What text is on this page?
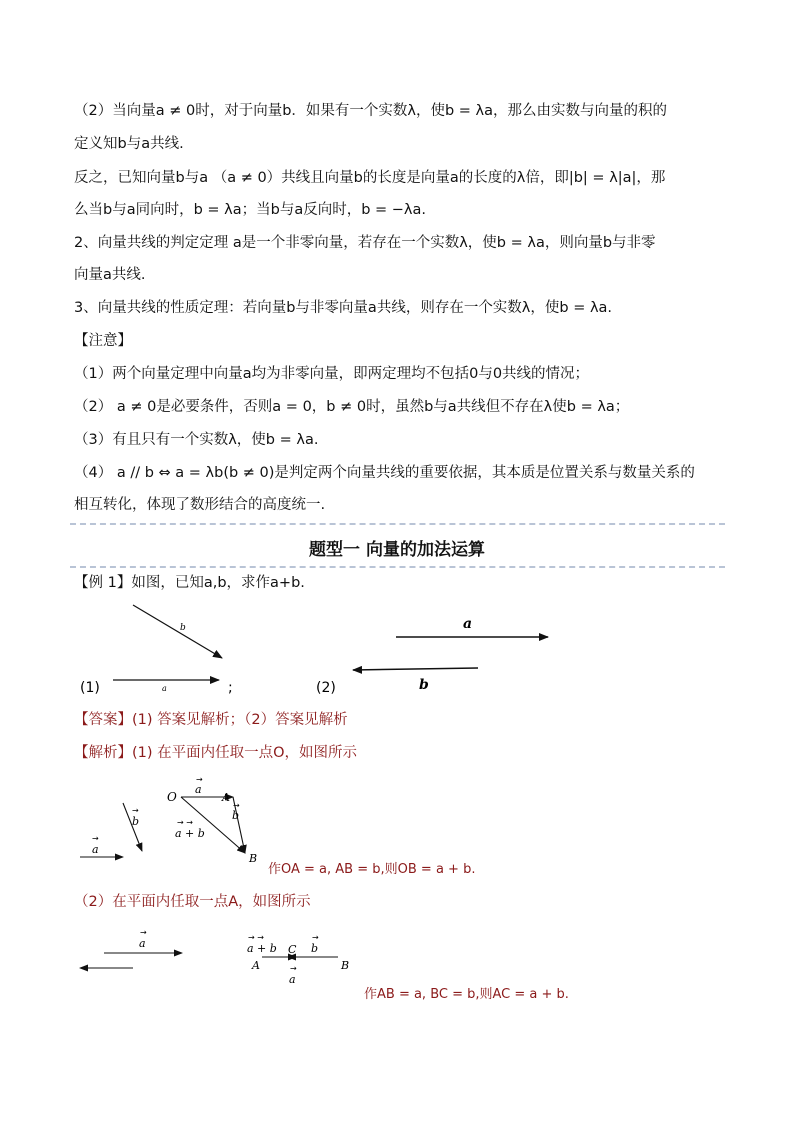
（2）当向量a ≠ 0时，对于向量b．如果有一个实数λ，使b = λa，那么由实数与向量的积的
定义知b与a共线.
反之，已知向量b与a （a ≠ 0）共线且向量b的长度是向量a的长度的λ倍，即|b| = λ|a|，那
么当b与a同向时，b = λa；当b与a反向时，b = −λa.
2、向量共线的判定定理 a是一个非零向量，若存在一个实数λ，使b = λa，则向量b与非零
向量a共线.
3、向量共线的性质定理：若向量b与非零向量a共线，则存在一个实数λ，使b = λa.
【注意】
（1）两个向量定理中向量a均为非零向量，即两定理均不包括0与0共线的情况；
（2） a ≠ 0是必要条件，否则a = 0，b ≠ 0时，虽然b与a共线但不存在λ使b = λa；
（3）有且只有一个实数λ，使b = λa.
（4） a // b ⇔ a = λb(b ≠ 0)是判定两个向量共线的重要依据，其本质是位置关系与数量关系的
相互转化，体现了数形结合的高度统一.
题型一 向量的加法运算
【例 1】如图，已知a,b，求作a+b.
b
a
(1)	;	(2)
a
b
【答案】(1) 答案见解析；（2）答案见解析
【解析】(1) 在平面内任取一点O，如图所示
b
→
a
→
O
a
→
A
b
→
a + b
→ →
B
作OA = a, AB = b,则OB = a + b.
（2）在平面内任取一点A，如图所示
a
→
a + b
→ →
C b
→
A	B
a
→
作AB = a, BC = b,则AC = a + b.
